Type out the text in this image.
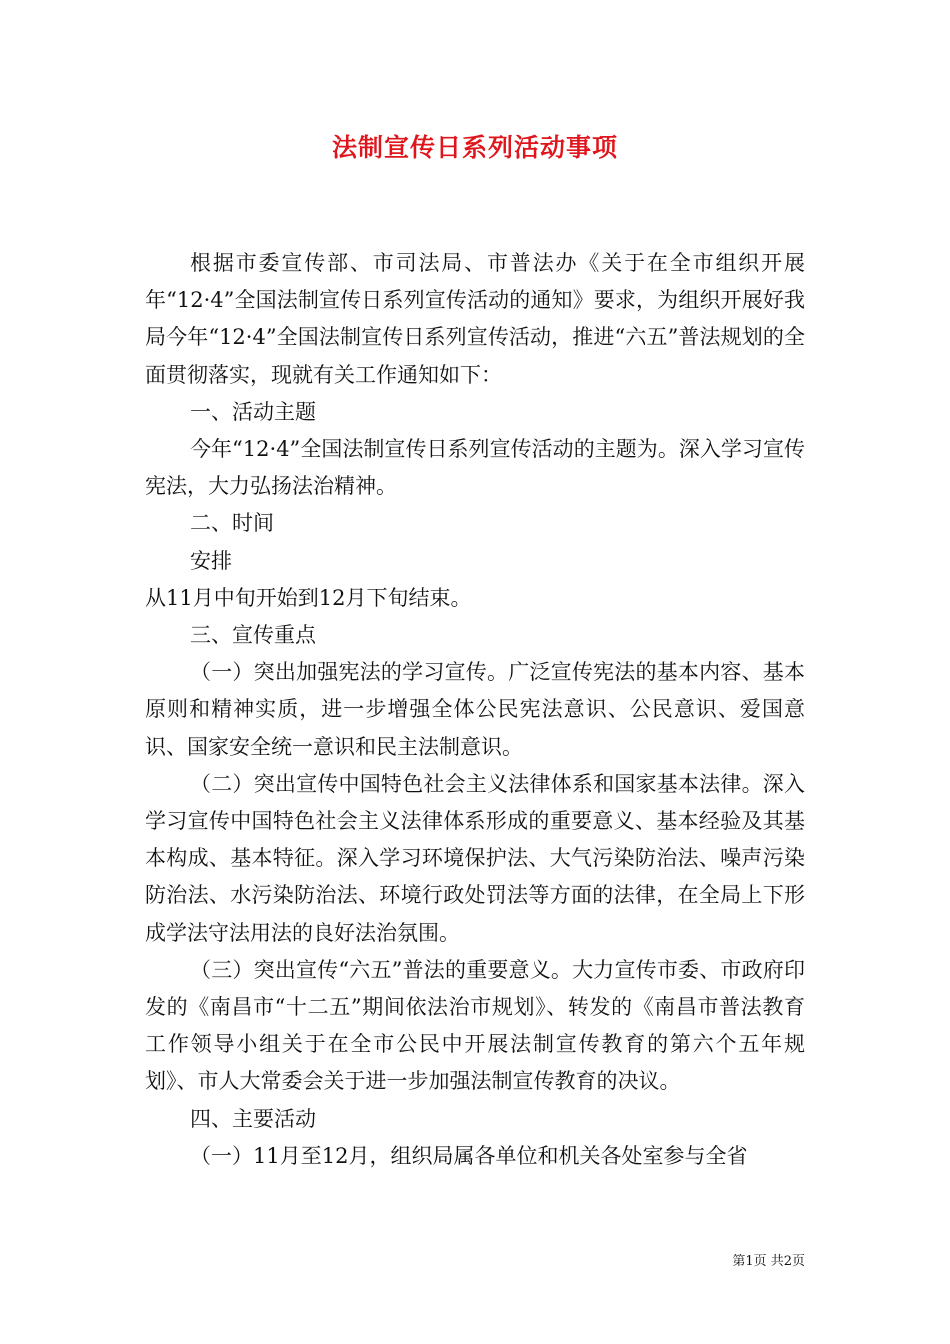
法制宣传日系列活动事项

根据市委宣传部、市司法局、市普法办《关于在全市组织开展年“12·4”全国法制宣传日系列宣传活动的通知》要求，为组织开展好我局今年“12·4”全国法制宣传日系列宣传活动，推进“六五”普法规划的全面贯彻落实，现就有关工作通知如下：

一、活动主题

今年“12·4”全国法制宣传日系列宣传活动的主题为。深入学习宣传宪法，大力弘扬法治精神。

二、时间

安排

从11月中旬开始到12月下旬结束。

三、宣传重点

（一）突出加强宪法的学习宣传。广泛宣传宪法的基本内容、基本原则和精神实质，进一步增强全体公民宪法意识、公民意识、爱国意识、国家安全统一意识和民主法制意识。

（二）突出宣传中国特色社会主义法律体系和国家基本法律。深入学习宣传中国特色社会主义法律体系形成的重要意义、基本经验及其基本构成、基本特征。深入学习环境保护法、大气污染防治法、噪声污染防治法、水污染防治法、环境行政处罚法等方面的法律，在全局上下形成学法守法用法的良好法治氛围。

（三）突出宣传“六五”普法的重要意义。大力宣传市委、市政府印发的《南昌市“十二五”期间依法治市规划》、转发的《南昌市普法教育工作领导小组关于在全市公民中开展法制宣传教育的第六个五年规划》、市人大常委会关于进一步加强法制宣传教育的决议。

四、主要活动

（一）11月至12月，组织局属各单位和机关各处室参与全省

第1页 共2页
